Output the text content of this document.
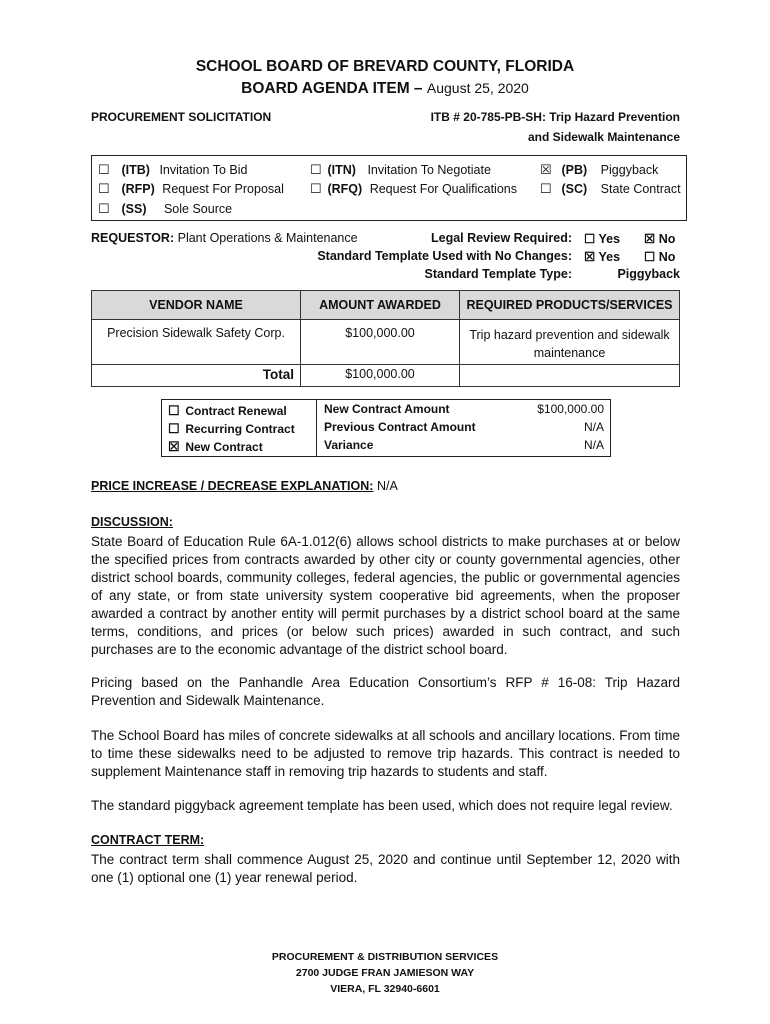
SCHOOL BOARD OF BREVARD COUNTY, FLORIDA
BOARD AGENDA ITEM – August 25, 2020
PROCUREMENT SOLICITATION	ITB # 20-785-PB-SH: Trip Hazard Prevention
and Sidewalk Maintenance
☐ (ITB) Invitation To Bid
☐ (RFP) Request For Proposal
☐ (SS) Sole Source
☐ (ITN) Invitation To Negotiate
☐ (RFQ) Request For Qualifications
☒ (PB) Piggyback
☐ (SC) State Contract
REQUESTOR: Plant Operations & Maintenance	Legal Review Required: ☐ Yes ☒ No
Standard Template Used with No Changes: ☒ Yes ☐ No
Standard Template Type:	Piggyback
VENDOR NAME	AMOUNT AWARDED	REQUIRED PRODUCTS/SERVICES
Precision Sidewalk Safety Corp.	$100,000.00	Trip hazard prevention and sidewalk maintenance
Total	$100,000.00	
☐ Contract Renewal
☐ Recurring Contract
☒ New Contract
New Contract Amount	$100,000.00
Previous Contract Amount	N/A
Variance	N/A
PRICE INCREASE / DECREASE EXPLANATION: N/A
DISCUSSION:
State Board of Education Rule 6A-1.012(6) allows school districts to make purchases at or below the specified prices from contracts awarded by other city or county governmental agencies, other district school boards, community colleges, federal agencies, the public or governmental agencies of any state, or from state university system cooperative bid agreements, when the proposer awarded a contract by another entity will permit purchases by a district school board at the same terms, conditions, and prices (or below such prices) awarded in such contract, and such purchases are to the economic advantage of the district school board.
Pricing based on the Panhandle Area Education Consortium’s RFP # 16-08: Trip Hazard Prevention and Sidewalk Maintenance.
The School Board has miles of concrete sidewalks at all schools and ancillary locations. From time to time these sidewalks need to be adjusted to remove trip hazards. This contract is needed to supplement Maintenance staff in removing trip hazards to students and staff.
The standard piggyback agreement template has been used, which does not require legal review.
CONTRACT TERM:
The contract term shall commence August 25, 2020 and continue until September 12, 2020 with one (1) optional one (1) year renewal period.
PROCUREMENT & DISTRIBUTION SERVICES
2700 JUDGE FRAN JAMIESON WAY
VIERA, FL 32940-6601
